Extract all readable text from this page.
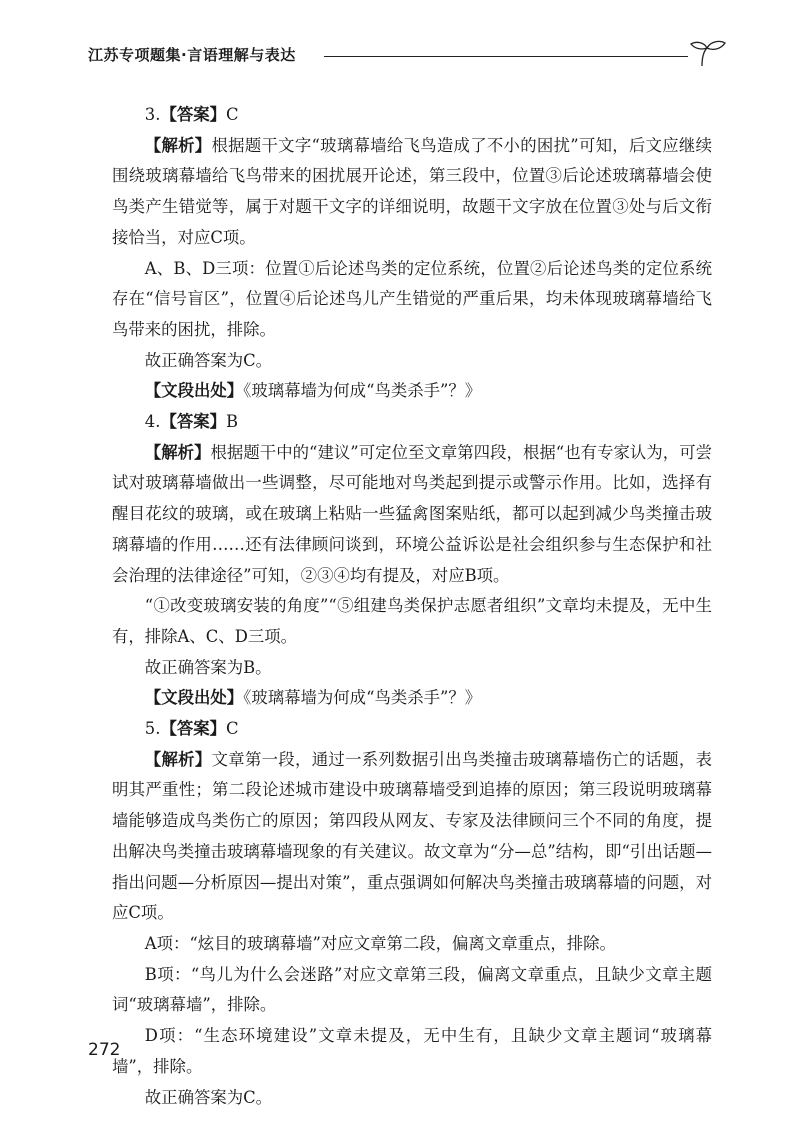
江苏专项题集·言语理解与表达

3.【答案】C

【解析】根据题干文字“玻璃幕墙给飞鸟造成了不小的困扰”可知，后文应继续围绕玻璃幕墙给飞鸟带来的困扰展开论述，第三段中，位置③后论述玻璃幕墙会使鸟类产生错觉等，属于对题干文字的详细说明，故题干文字放在位置③处与后文衔接恰当，对应C项。

A、B、D三项：位置①后论述鸟类的定位系统，位置②后论述鸟类的定位系统存在“信号盲区”，位置④后论述鸟儿产生错觉的严重后果，均未体现玻璃幕墙给飞鸟带来的困扰，排除。

故正确答案为C。

【文段出处】《玻璃幕墙为何成“鸟类杀手”？》

4.【答案】B

【解析】根据题干中的“建议”可定位至文章第四段，根据“也有专家认为，可尝试对玻璃幕墙做出一些调整，尽可能地对鸟类起到提示或警示作用。比如，选择有醒目花纹的玻璃，或在玻璃上粘贴一些猛禽图案贴纸，都可以起到减少鸟类撞击玻璃幕墙的作用……还有法律顾问谈到，环境公益诉讼是社会组织参与生态保护和社会治理的法律途径”可知，②③④均有提及，对应B项。

“①改变玻璃安装的角度”“⑤组建鸟类保护志愿者组织”文章均未提及，无中生有，排除A、C、D三项。

故正确答案为B。

【文段出处】《玻璃幕墙为何成“鸟类杀手”？》

5.【答案】C

【解析】文章第一段，通过一系列数据引出鸟类撞击玻璃幕墙伤亡的话题，表明其严重性；第二段论述城市建设中玻璃幕墙受到追捧的原因；第三段说明玻璃幕墙能够造成鸟类伤亡的原因；第四段从网友、专家及法律顾问三个不同的角度，提出解决鸟类撞击玻璃幕墙现象的有关建议。故文章为“分—总”结构，即“引出话题—指出问题—分析原因—提出对策”，重点强调如何解决鸟类撞击玻璃幕墙的问题，对应C项。

A项：“炫目的玻璃幕墙”对应文章第二段，偏离文章重点，排除。

B项：“鸟儿为什么会迷路”对应文章第三段，偏离文章重点，且缺少文章主题词“玻璃幕墙”，排除。

D项：“生态环境建设”文章未提及，无中生有，且缺少文章主题词“玻璃幕墙”，排除。

故正确答案为C。

272
